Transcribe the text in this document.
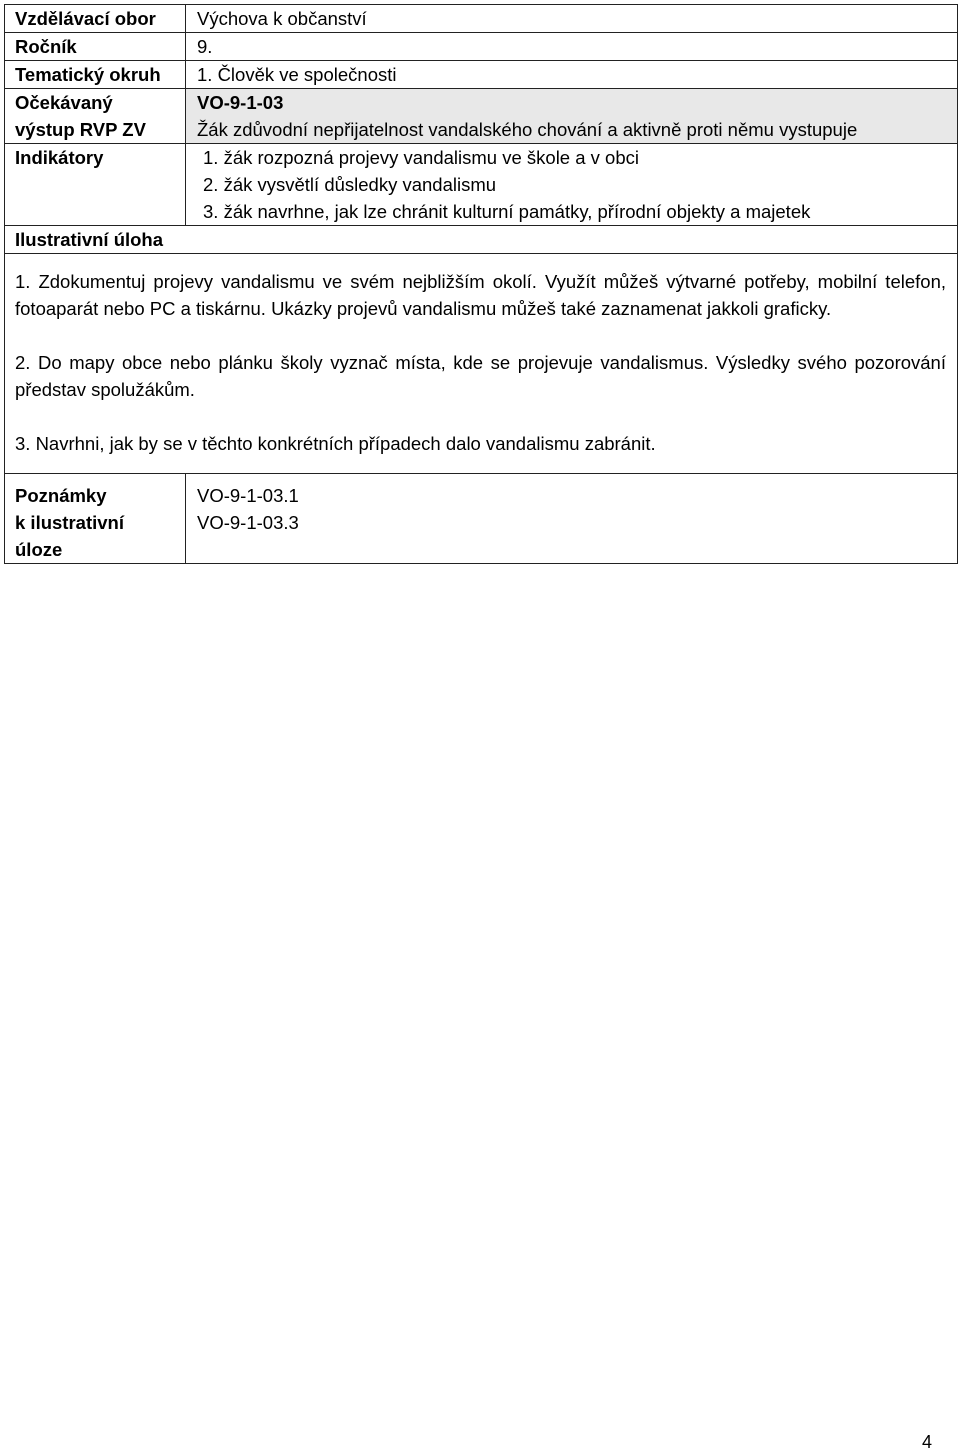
Vzdělávací obor	Výchova k občanství
Ročník	9.
Tematický okruh	1. Člověk ve společnosti
Očekávaný
výstup RVP ZV	VO-9-1-03
Žák zdůvodní nepřijatelnost vandalského chování a aktivně proti němu vystupuje
Indikátory	1. žák rozpozná projevy vandalismu ve škole a v obci
2. žák vysvětlí důsledky vandalismu
3. žák navrhne, jak lze chránit kulturní památky, přírodní objekty a majetek

Ilustrativní úloha	

1. Zdokumentuj projevy vandalismu ve svém nejbližším okolí. Využít můžeš výtvarné potřeby, mobilní telefon, fotoaparát nebo PC a tiskárnu. Ukázky projevů vandalismu můžeš také zaznamenat jakkoli graficky.

2. Do mapy obce nebo plánku školy vyznač místa, kde se projevuje vandalismus. Výsledky svého pozorování představ spolužákům.

3. Navrhni, jak by se v těchto konkrétních případech dalo vandalismu zabránit.	

Poznámky
k ilustrativní
úloze	VO-9-1-03.1
VO-9-1-03.3
4
